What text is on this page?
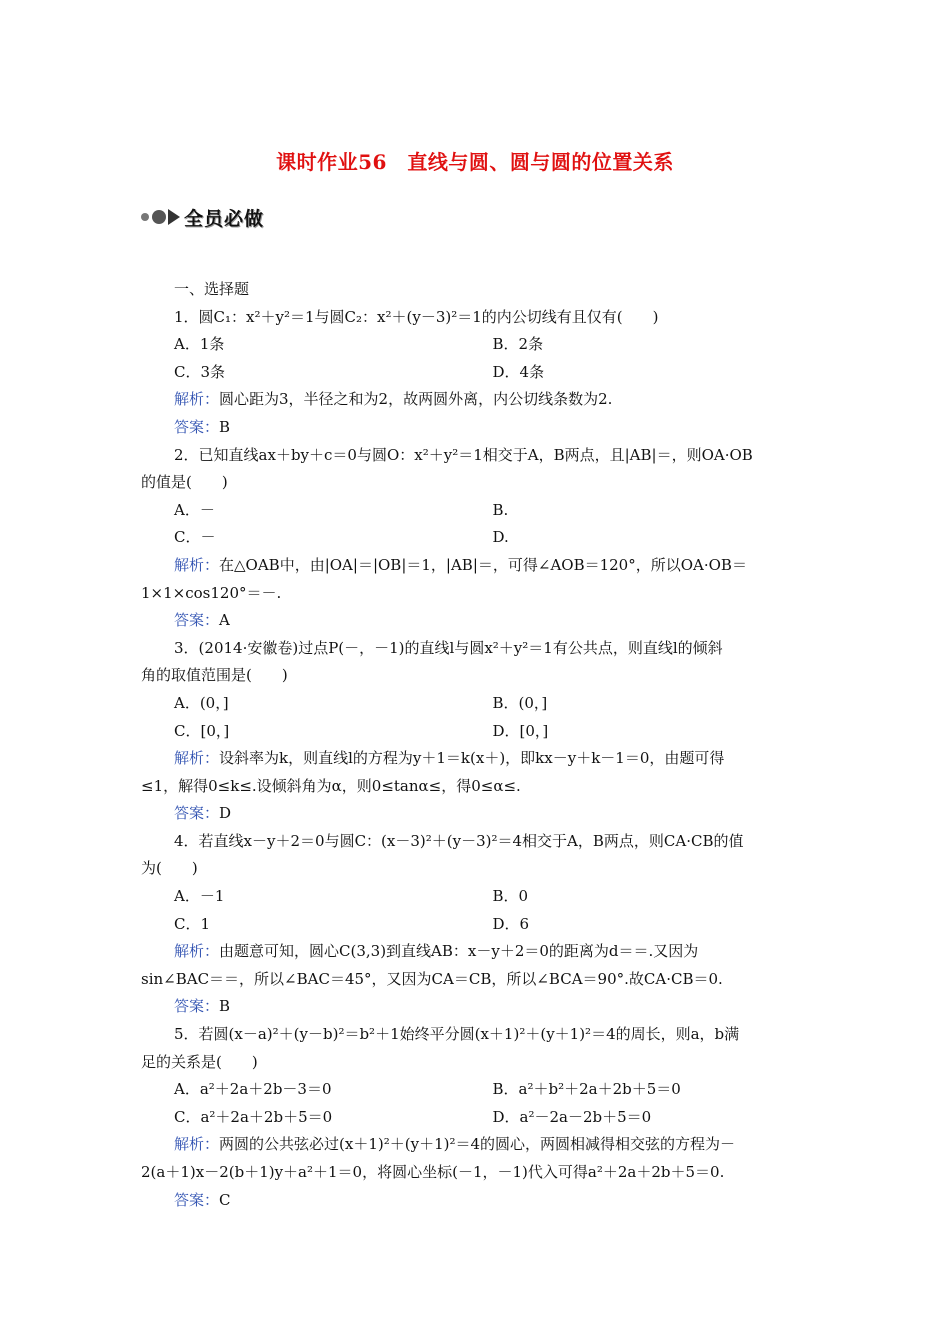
课时作业56　直线与圆、圆与圆的位置关系
全员必做
一、选择题
1．圆C₁：x²＋y²＝1与圆C₂：x²＋(y－3)²＝1的内公切线有且仅有(　　)
A．1条	B．2条
C．3条	D．4条
解析：圆心距为3，半径之和为2，故两圆外离，内公切线条数为2.
答案：B
2．已知直线ax＋by＋c＝0与圆O：x²＋y²＝1相交于A，B两点，且|AB|＝，则OA·OB
的值是(　　)
A．－	B.
C．－	D.
解析：在△OAB中，由|OA|＝|OB|＝1，|AB|＝，可得∠AOB＝120°，所以OA·OB＝
1×1×cos120°＝－.
答案：A
3．(2014·安徽卷)过点P(－，－1)的直线l与圆x²＋y²＝1有公共点，则直线l的倾斜
角的取值范围是(　　)
A．(0，]	B．(0，]
C．[0，]	D．[0，]
解析：设斜率为k，则直线l的方程为y＋1＝k(x＋)，即kx－y＋k－1＝0，由题可得
≤1，解得0≤k≤.设倾斜角为α，则0≤tanα≤，得0≤α≤.
答案：D
4．若直线x－y＋2＝0与圆C：(x－3)²＋(y－3)²＝4相交于A，B两点，则CA·CB的值
为(　　)
A．－1	B．0
C．1	D．6
解析：由题意可知，圆心C(3,3)到直线AB：x－y＋2＝0的距离为d＝＝.又因为
sin∠BAC＝＝，所以∠BAC＝45°，又因为CA＝CB，所以∠BCA＝90°.故CA·CB＝0.
答案：B
5．若圆(x－a)²＋(y－b)²＝b²＋1始终平分圆(x＋1)²＋(y＋1)²＝4的周长，则a，b满
足的关系是(　　)
A．a²＋2a＋2b－3＝0	B．a²＋b²＋2a＋2b＋5＝0
C．a²＋2a＋2b＋5＝0	D．a²－2a－2b＋5＝0
解析：两圆的公共弦必过(x＋1)²＋(y＋1)²＝4的圆心，两圆相减得相交弦的方程为－
2(a＋1)x－2(b＋1)y＋a²＋1＝0，将圆心坐标(－1，－1)代入可得a²＋2a＋2b＋5＝0.
答案：C
